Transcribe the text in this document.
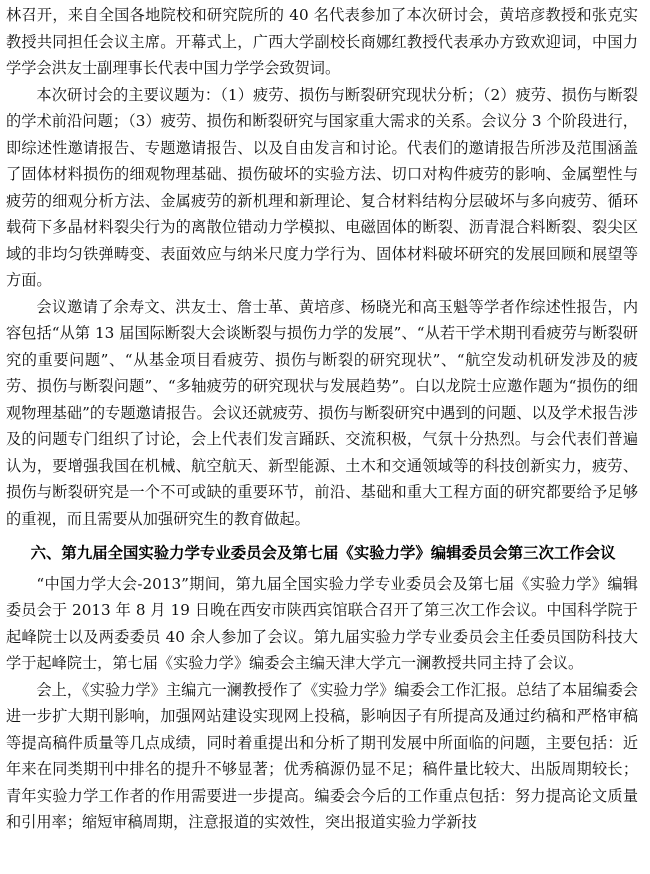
林召开，来自全国各地院校和研究院所的 40 名代表参加了本次研讨会，黄培彦教授和张克实教授共同担任会议主席。开幕式上，广西大学副校长商娜红教授代表承办方致欢迎词，中国力学学会洪友士副理事长代表中国力学学会致贺词。

本次研讨会的主要议题为：（1）疲劳、损伤与断裂研究现状分析；（2）疲劳、损伤与断裂的学术前沿问题；（3）疲劳、损伤和断裂研究与国家重大需求的关系。会议分 3 个阶段进行，即综述性邀请报告、专题邀请报告、以及自由发言和讨论。代表们的邀请报告所涉及范围涵盖了固体材料损伤的细观物理基础、损伤破坏的实验方法、切口对构件疲劳的影响、金属塑性与疲劳的细观分析方法、金属疲劳的新机理和新理论、复合材料结构分层破坏与多向疲劳、循环载荷下多晶材料裂尖行为的离散位错动力学模拟、电磁固体的断裂、沥青混合料断裂、裂尖区域的非均匀铁弹畴变、表面效应与纳米尺度力学行为、固体材料破坏研究的发展回顾和展望等方面。

会议邀请了余寿文、洪友士、詹士革、黄培彦、杨晓光和高玉魁等学者作综述性报告，内容包括“从第 13 届国际断裂大会谈断裂与损伤力学的发展”、“从若干学术期刊看疲劳与断裂研究的重要问题”、“从基金项目看疲劳、损伤与断裂的研究现状”、“航空发动机研发涉及的疲劳、损伤与断裂问题”、“多轴疲劳的研究现状与发展趋势”。白以龙院士应邀作题为“损伤的细观物理基础”的专题邀请报告。会议还就疲劳、损伤与断裂研究中遇到的问题、以及学术报告涉及的问题专门组织了讨论，会上代表们发言踊跃、交流积极，气氛十分热烈。与会代表们普遍认为，要增强我国在机械、航空航天、新型能源、土木和交通领域等的科技创新实力，疲劳、损伤与断裂研究是一个不可或缺的重要环节，前沿、基础和重大工程方面的研究都要给予足够的重视，而且需要从加强研究生的教育做起。

六、第九届全国实验力学专业委员会及第七届《实验力学》编辑委员会第三次工作会议

“中国力学大会-2013”期间，第九届全国实验力学专业委员会及第七届《实验力学》编辑委员会于 2013 年 8 月 19 日晚在西安市陕西宾馆联合召开了第三次工作会议。中国科学院于起峰院士以及两委委员 40 余人参加了会议。第九届实验力学专业委员会主任委员国防科技大学于起峰院士，第七届《实验力学》编委会主编天津大学亢一澜教授共同主持了会议。

会上，《实验力学》主编亢一澜教授作了《实验力学》编委会工作汇报。总结了本届编委会进一步扩大期刊影响，加强网站建设实现网上投稿，影响因子有所提高及通过约稿和严格审稿等提高稿件质量等几点成绩，同时着重提出和分析了期刊发展中所面临的问题，主要包括：近年来在同类期刊中排名的提升不够显著；优秀稿源仍显不足；稿件量比较大、出版周期较长；青年实验力学工作者的作用需要进一步提高。编委会今后的工作重点包括：努力提高论文质量和引用率；缩短审稿周期，注意报道的实效性，突出报道实验力学新技
